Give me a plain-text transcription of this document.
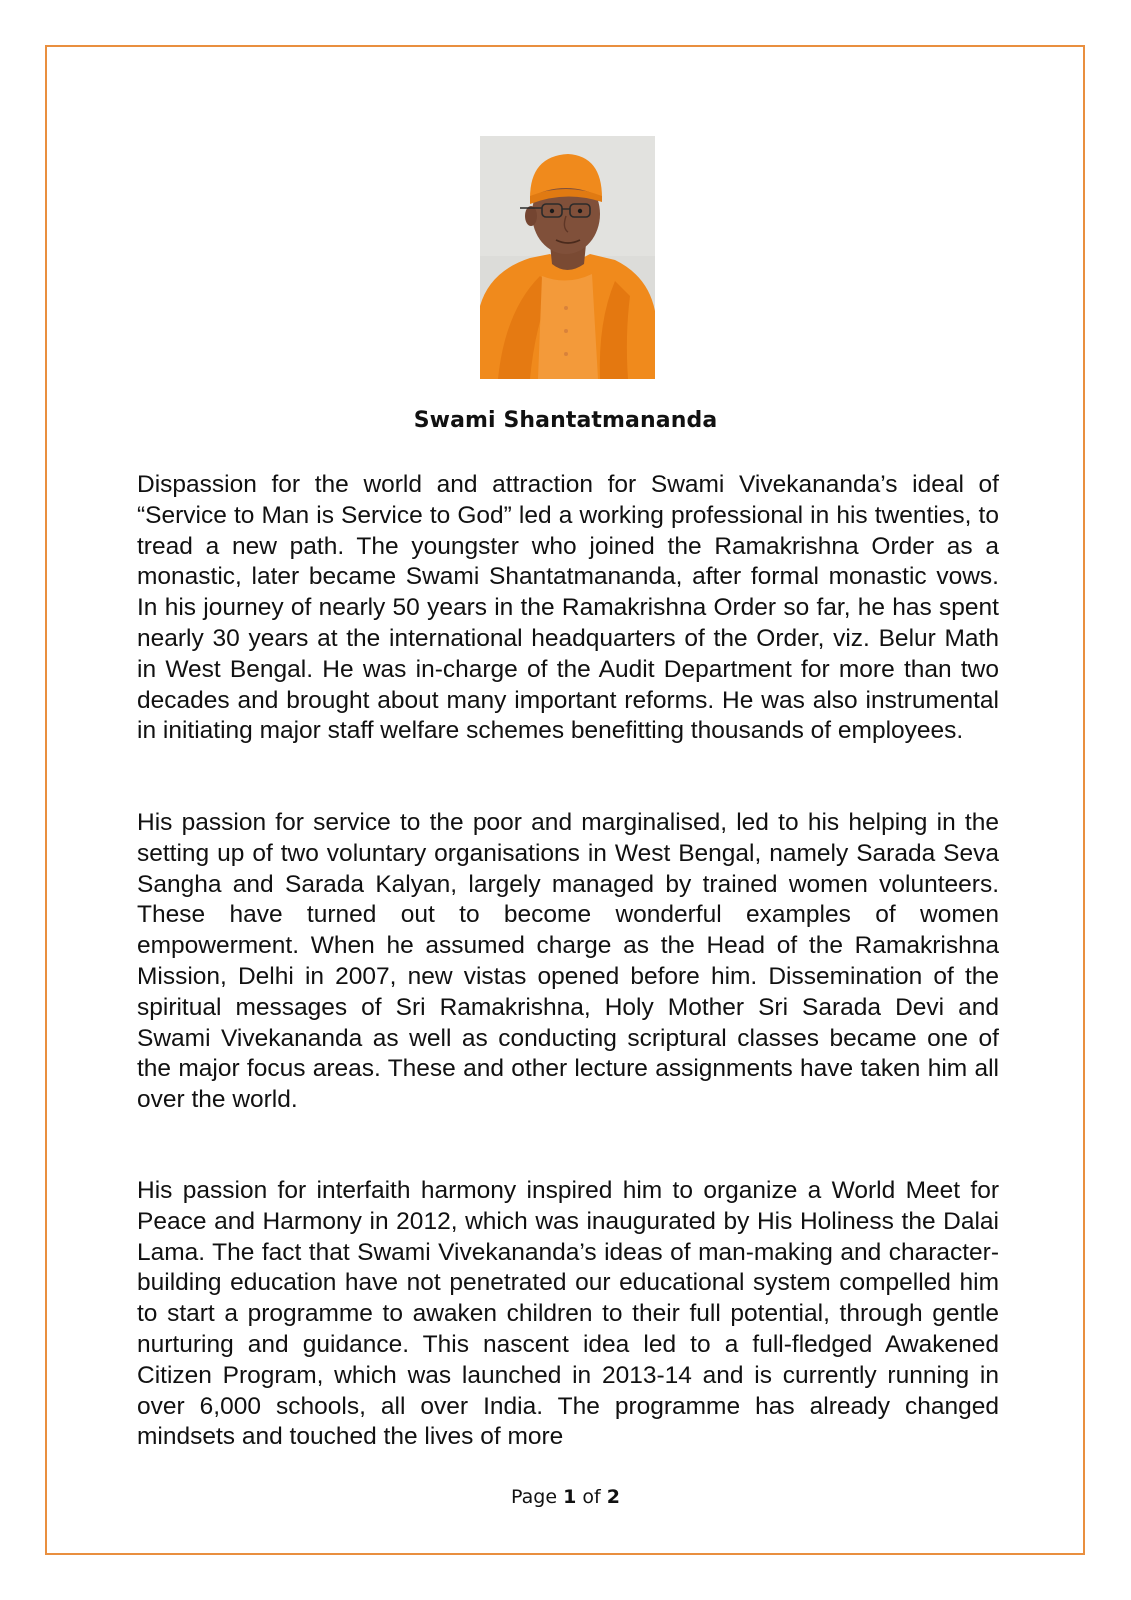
Swami Shantatmananda

Dispassion for the world and attraction for Swami Vivekananda’s ideal of “Service to Man is Service to God” led a working professional in his twenties, to tread a new path. The youngster who joined the Ramakrishna Order as a monastic, later became Swami Shantatmananda, after formal monastic vows. In his journey of nearly 50 years in the Ramakrishna Order so far, he has spent nearly 30 years at the international headquarters of the Order, viz. Belur Math in West Bengal. He was in-charge of the Audit Department for more than two decades and brought about many important reforms. He was also instrumental in initiating major staff welfare schemes benefitting thousands of employees.

His passion for service to the poor and marginalised, led to his helping in the setting up of two voluntary organisations in West Bengal, namely Sarada Seva Sangha and Sarada Kalyan, largely managed by trained women volunteers. These have turned out to become wonderful examples of women empowerment. When he assumed charge as the Head of the Ramakrishna Mission, Delhi in 2007, new vistas opened before him. Dissemination of the spiritual messages of Sri Ramakrishna, Holy Mother Sri Sarada Devi and Swami Vivekananda as well as conducting scriptural classes became one of the major focus areas. These and other lecture assignments have taken him all over the world.

His passion for interfaith harmony inspired him to organize a World Meet for Peace and Harmony in 2012, which was inaugurated by His Holiness the Dalai Lama. The fact that Swami Vivekananda’s ideas of man-making and character-building education have not penetrated our educational system compelled him to start a programme to awaken children to their full potential, through gentle nurturing and guidance. This nascent idea led to a full-fledged Awakened Citizen Program, which was launched in 2013-14 and is currently running in over 6,000 schools, all over India. The programme has already changed mindsets and touched the lives of more

Page 1 of 2
